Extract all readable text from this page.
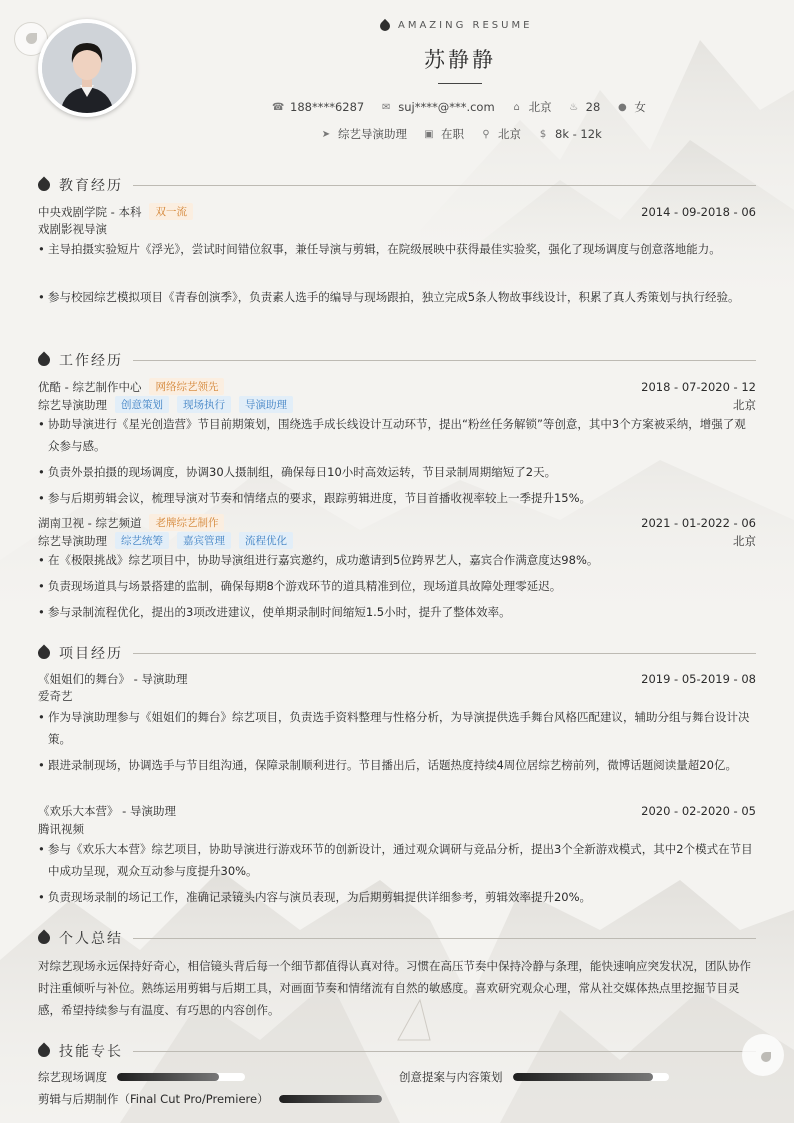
AMAZING RESUME
苏静静
☎ 188****6287 ✉ suj****@***.com ⌂ 北京 ♨ 28 ● 女
➤ 综艺导演助理 ▣ 在职 ⚲ 北京 $ 8k - 12k
教育经历
中央戏剧学院 - 本科	双一流	2014 - 09-2018 - 06
戏剧影视导演
• 主导拍摄实验短片《浮光》，尝试时间错位叙事，兼任导演与剪辑，在院级展映中获得最佳实验奖，强化了现场调度与创意落地能力。
• 参与校园综艺模拟项目《青春创演季》，负责素人选手的编导与现场跟拍，独立完成5条人物故事线设计，积累了真人秀策划与执行经验。
工作经历
优酷 - 综艺制作中心	网络综艺领先	2018 - 07-2020 - 12
综艺导演助理	创意策划	现场执行	导演助理	北京
• 协助导演进行《星光创造营》节目前期策划，围绕选手成长线设计互动环节，提出“粉丝任务解锁”等创意，其中3个方案被采纳，增强了观众参与感。
• 负责外景拍摄的现场调度，协调30人摄制组，确保每日10小时高效运转，节目录制周期缩短了2天。
• 参与后期剪辑会议，梳理导演对节奏和情绪点的要求，跟踪剪辑进度，节目首播收视率较上一季提升15%。
湖南卫视 - 综艺频道	老牌综艺制作	2021 - 01-2022 - 06
综艺导演助理	综艺统筹	嘉宾管理	流程优化	北京
• 在《极限挑战》综艺项目中，协助导演组进行嘉宾邀约，成功邀请到5位跨界艺人，嘉宾合作满意度达98%。
• 负责现场道具与场景搭建的监制，确保每期8个游戏环节的道具精准到位，现场道具故障处理零延迟。
• 参与录制流程优化，提出的3项改进建议，使单期录制时间缩短1.5小时，提升了整体效率。
项目经历
《姐姐们的舞台》 - 导演助理	2019 - 05-2019 - 08
爱奇艺
• 作为导演助理参与《姐姐们的舞台》综艺项目，负责选手资料整理与性格分析，为导演提供选手舞台风格匹配建议，辅助分组与舞台设计决策。
• 跟进录制现场，协调选手与节目组沟通，保障录制顺利进行。节目播出后，话题热度持续4周位居综艺榜前列，微博话题阅读量超20亿。
《欢乐大本营》 - 导演助理	2020 - 02-2020 - 05
腾讯视频
• 参与《欢乐大本营》综艺项目，协助导演进行游戏环节的创新设计，通过观众调研与竞品分析，提出3个全新游戏模式，其中2个模式在节目中成功呈现，观众互动参与度提升30%。
• 负责现场录制的场记工作，准确记录镜头内容与演员表现，为后期剪辑提供详细参考，剪辑效率提升20%。
个人总结
对综艺现场永远保持好奇心，相信镜头背后每一个细节都值得认真对待。习惯在高压节奏中保持冷静与条理，能快速响应突发状况，团队协作时注重倾听与补位。熟练运用剪辑与后期工具，对画面节奏和情绪流有自然的敏感度。喜欢研究观众心理，常从社交媒体热点里挖掘节目灵感，希望持续参与有温度、有巧思的内容创作。
技能专长
综艺现场调度	创意提案与内容策划
剪辑与后期制作（Final Cut Pro/Premiere）
